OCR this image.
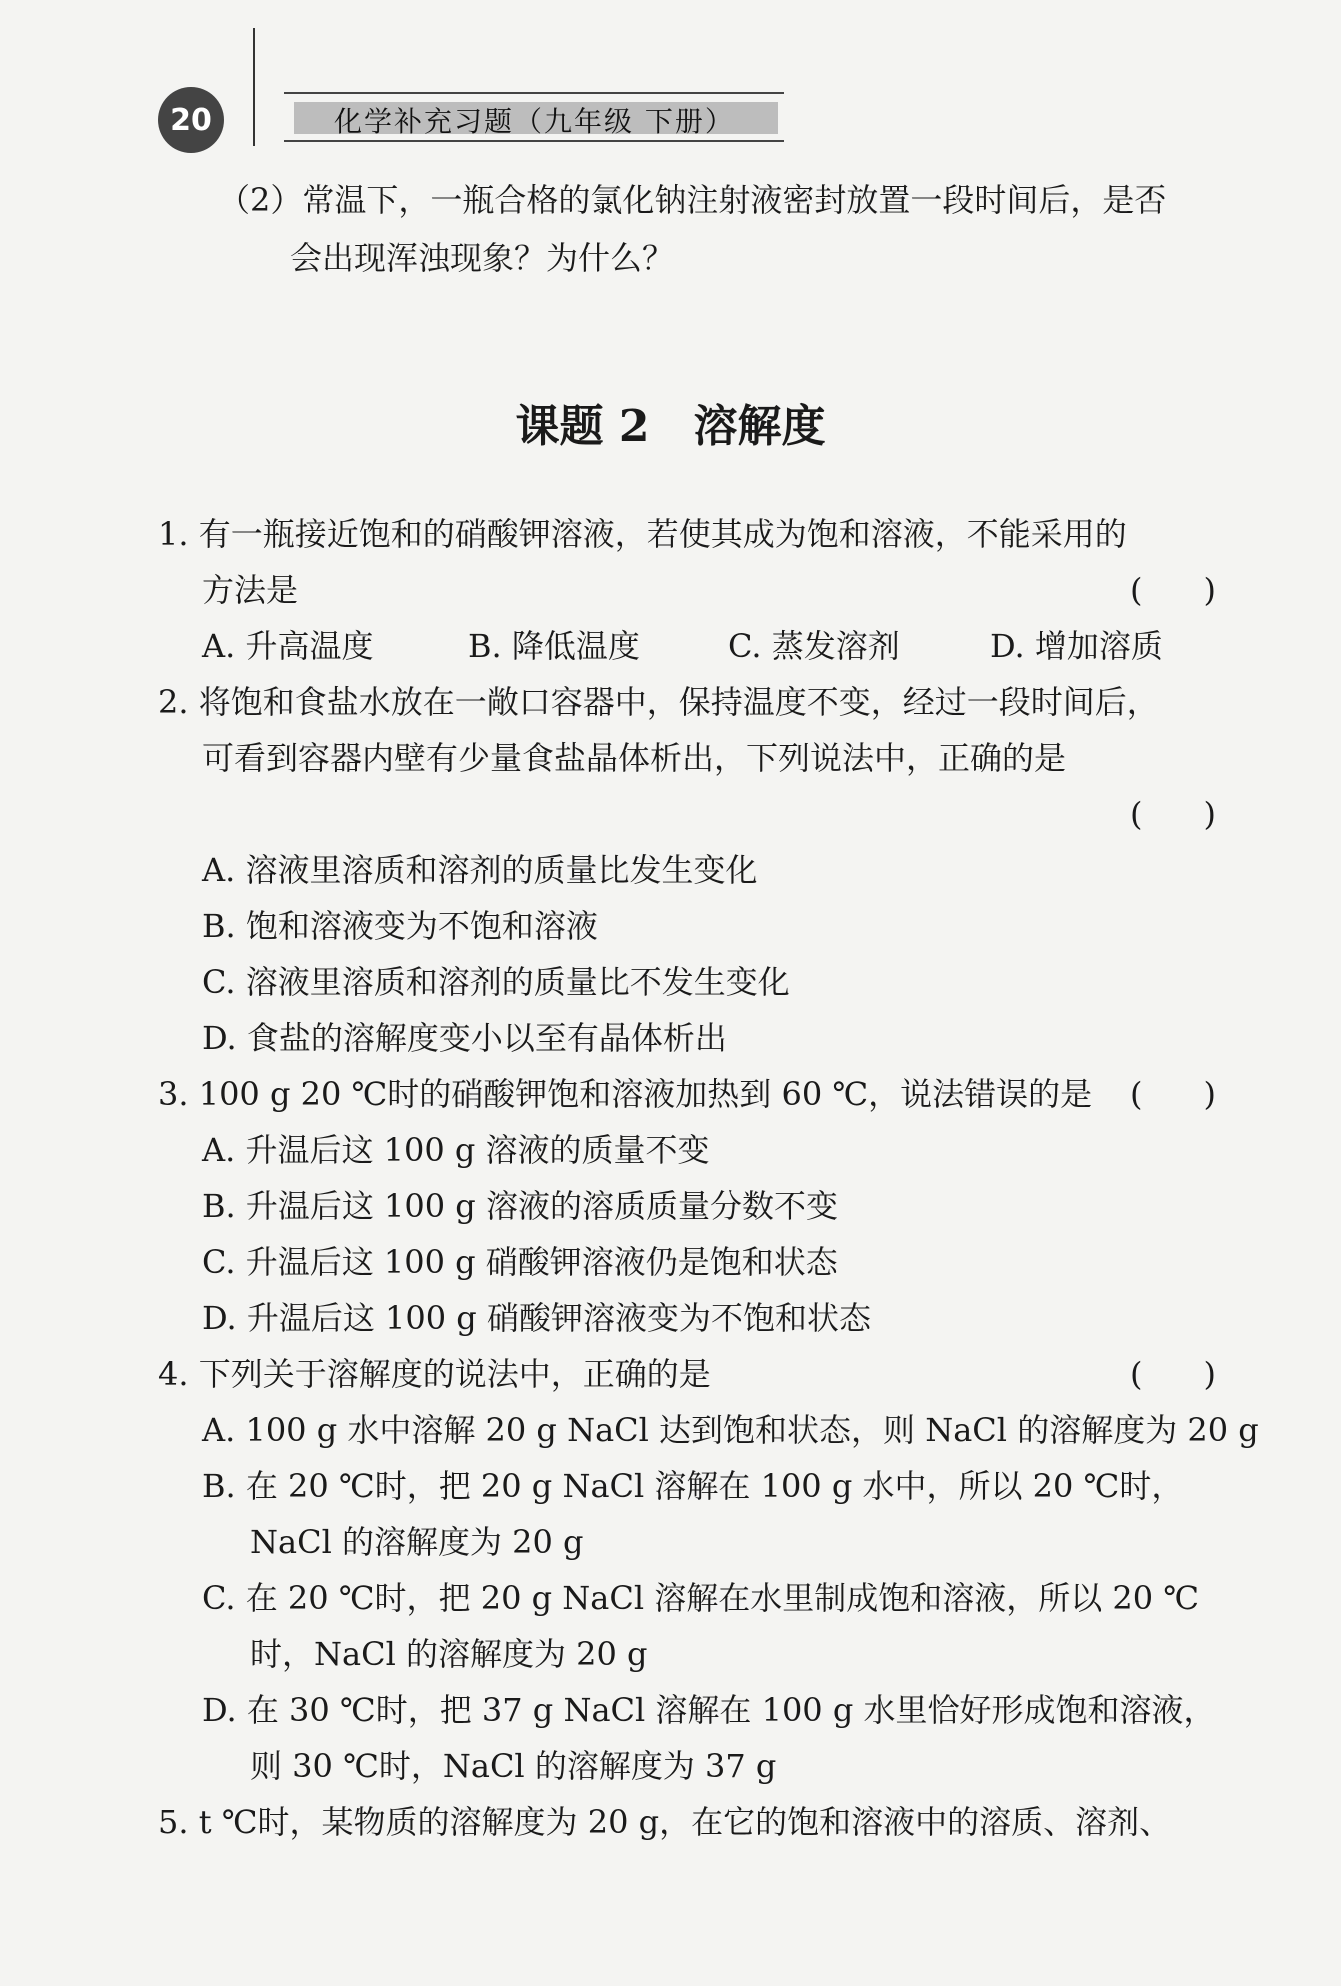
20	化学补充习题（九年级 下册）
（2）常温下，一瓶合格的氯化钠注射液密封放置一段时间后，是否
会出现浑浊现象？为什么？
课题 2　溶解度
1. 有一瓶接近饱和的硝酸钾溶液，若使其成为饱和溶液，不能采用的
方法是	(      )
A. 升高温度	B. 降低温度	C. 蒸发溶剂	D. 增加溶质
2. 将饱和食盐水放在一敞口容器中，保持温度不变，经过一段时间后，
可看到容器内壁有少量食盐晶体析出，下列说法中，正确的是
(      )
A. 溶液里溶质和溶剂的质量比发生变化
B. 饱和溶液变为不饱和溶液
C. 溶液里溶质和溶剂的质量比不发生变化
D. 食盐的溶解度变小以至有晶体析出
3. 100 g 20 ℃时的硝酸钾饱和溶液加热到 60 ℃，说法错误的是 (      )
A. 升温后这 100 g 溶液的质量不变
B. 升温后这 100 g 溶液的溶质质量分数不变
C. 升温后这 100 g 硝酸钾溶液仍是饱和状态
D. 升温后这 100 g 硝酸钾溶液变为不饱和状态
4. 下列关于溶解度的说法中，正确的是	(      )
A. 100 g 水中溶解 20 g NaCl 达到饱和状态，则 NaCl 的溶解度为 20 g
B. 在 20 ℃时，把 20 g NaCl 溶解在 100 g 水中，所以 20 ℃时，
NaCl 的溶解度为 20 g
C. 在 20 ℃时，把 20 g NaCl 溶解在水里制成饱和溶液，所以 20 ℃
时，NaCl 的溶解度为 20 g
D. 在 30 ℃时，把 37 g NaCl 溶解在 100 g 水里恰好形成饱和溶液，
则 30 ℃时，NaCl 的溶解度为 37 g
5. t ℃时，某物质的溶解度为 20 g，在它的饱和溶液中的溶质、溶剂、
